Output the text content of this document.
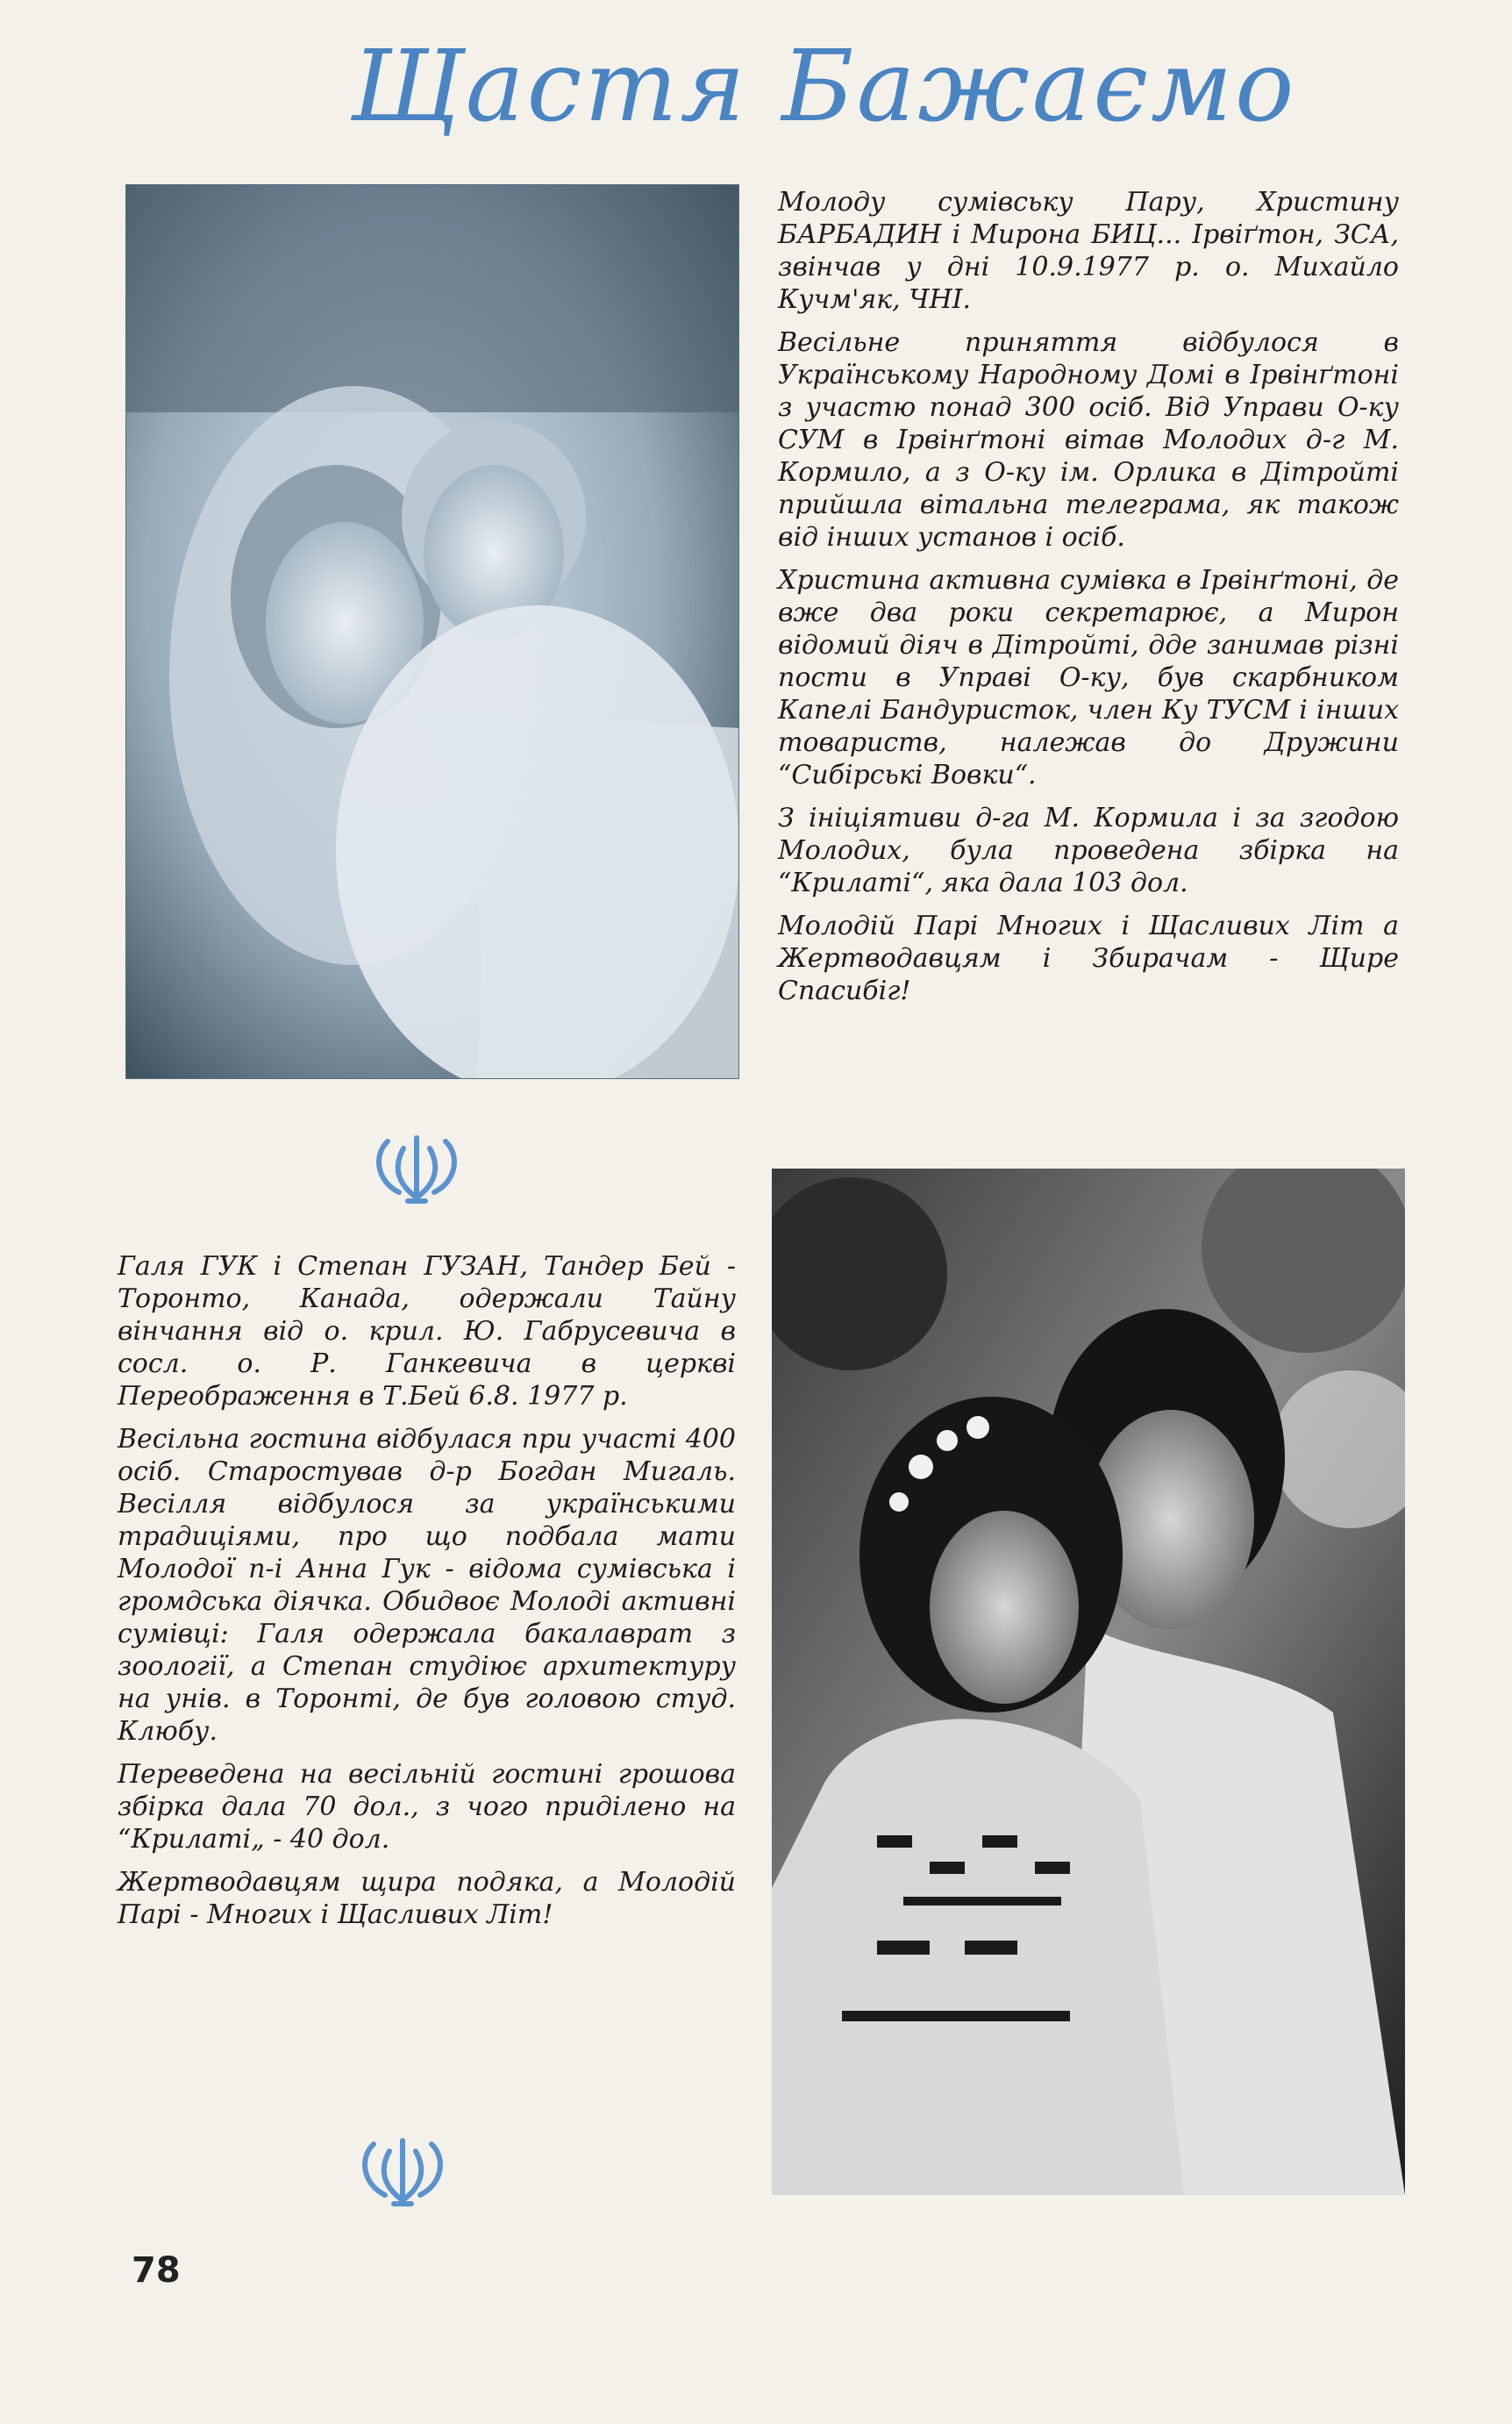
Щастя Бажаємо

Молоду сумівську Пару, Христину БАРБАДИН і Мирона БИЦ... Ірвіґтон, ЗСА, звінчав у дні 10.9.1977 р. о. Михайло Кучм'як, ЧНІ.

Весільне приняття відбулося в Українському Народному Домі в Ірвінґтоні з участю понад 300 осіб. Від Управи О-ку СУМ в Ірвінґтоні вітав Молодих д-г М. Кормило, а з О-ку ім. Орлика в Дітройті прийшла вітальна телеграма, як також від інших установ і осіб.

Христина активна сумівка в Ірвінґтоні, де вже два роки секретарює, а Мирон відомий діяч в Дітройті, дде занимав різні пости в Управі О-ку, був скарбником Капелі Бандуристок, член Ку ТУСМ і інших товариств, належав до Дружини “Сибірські Вовки“.

З ініціятиви д-га М. Кормила і за згодою Молодих, була проведена збірка на “Крилаті“, яка дала 103 дол.

Молодій Парі Многих і Щасливих Літ а Жертводавцям і Збирачам - Щире Спасибіг!

Галя ГУК і Степан ГУЗАН, Тандер Бей - Торонто, Канада, одержали Тайну вінчання від о. крил. Ю. Габрусевича в сосл. о. Р. Ганкевича в церкві Переображення в Т.Бей 6.8. 1977 р.

Весільна гостина відбулася при участі 400 осіб. Старостував д-р Богдан Мигаль. Весілля відбулося за українськими традиціями, про що подбала мати Молодої п-і Анна Гук - відома сумівська і громдська діячка. Обидвоє Молоді активні сумівці: Галя одержала бакалаврат з зоології, а Степан студіює архитектуру на унів. в Торонті, де був головою студ. Клюбу.

Переведена на весільній гостині грошова збірка дала 70 дол., з чого приділено на “Крилаті„ - 40 дол.

Жертводавцям щира подяка, а Молодій Парі - Многих і Щасливих Літ!

78
